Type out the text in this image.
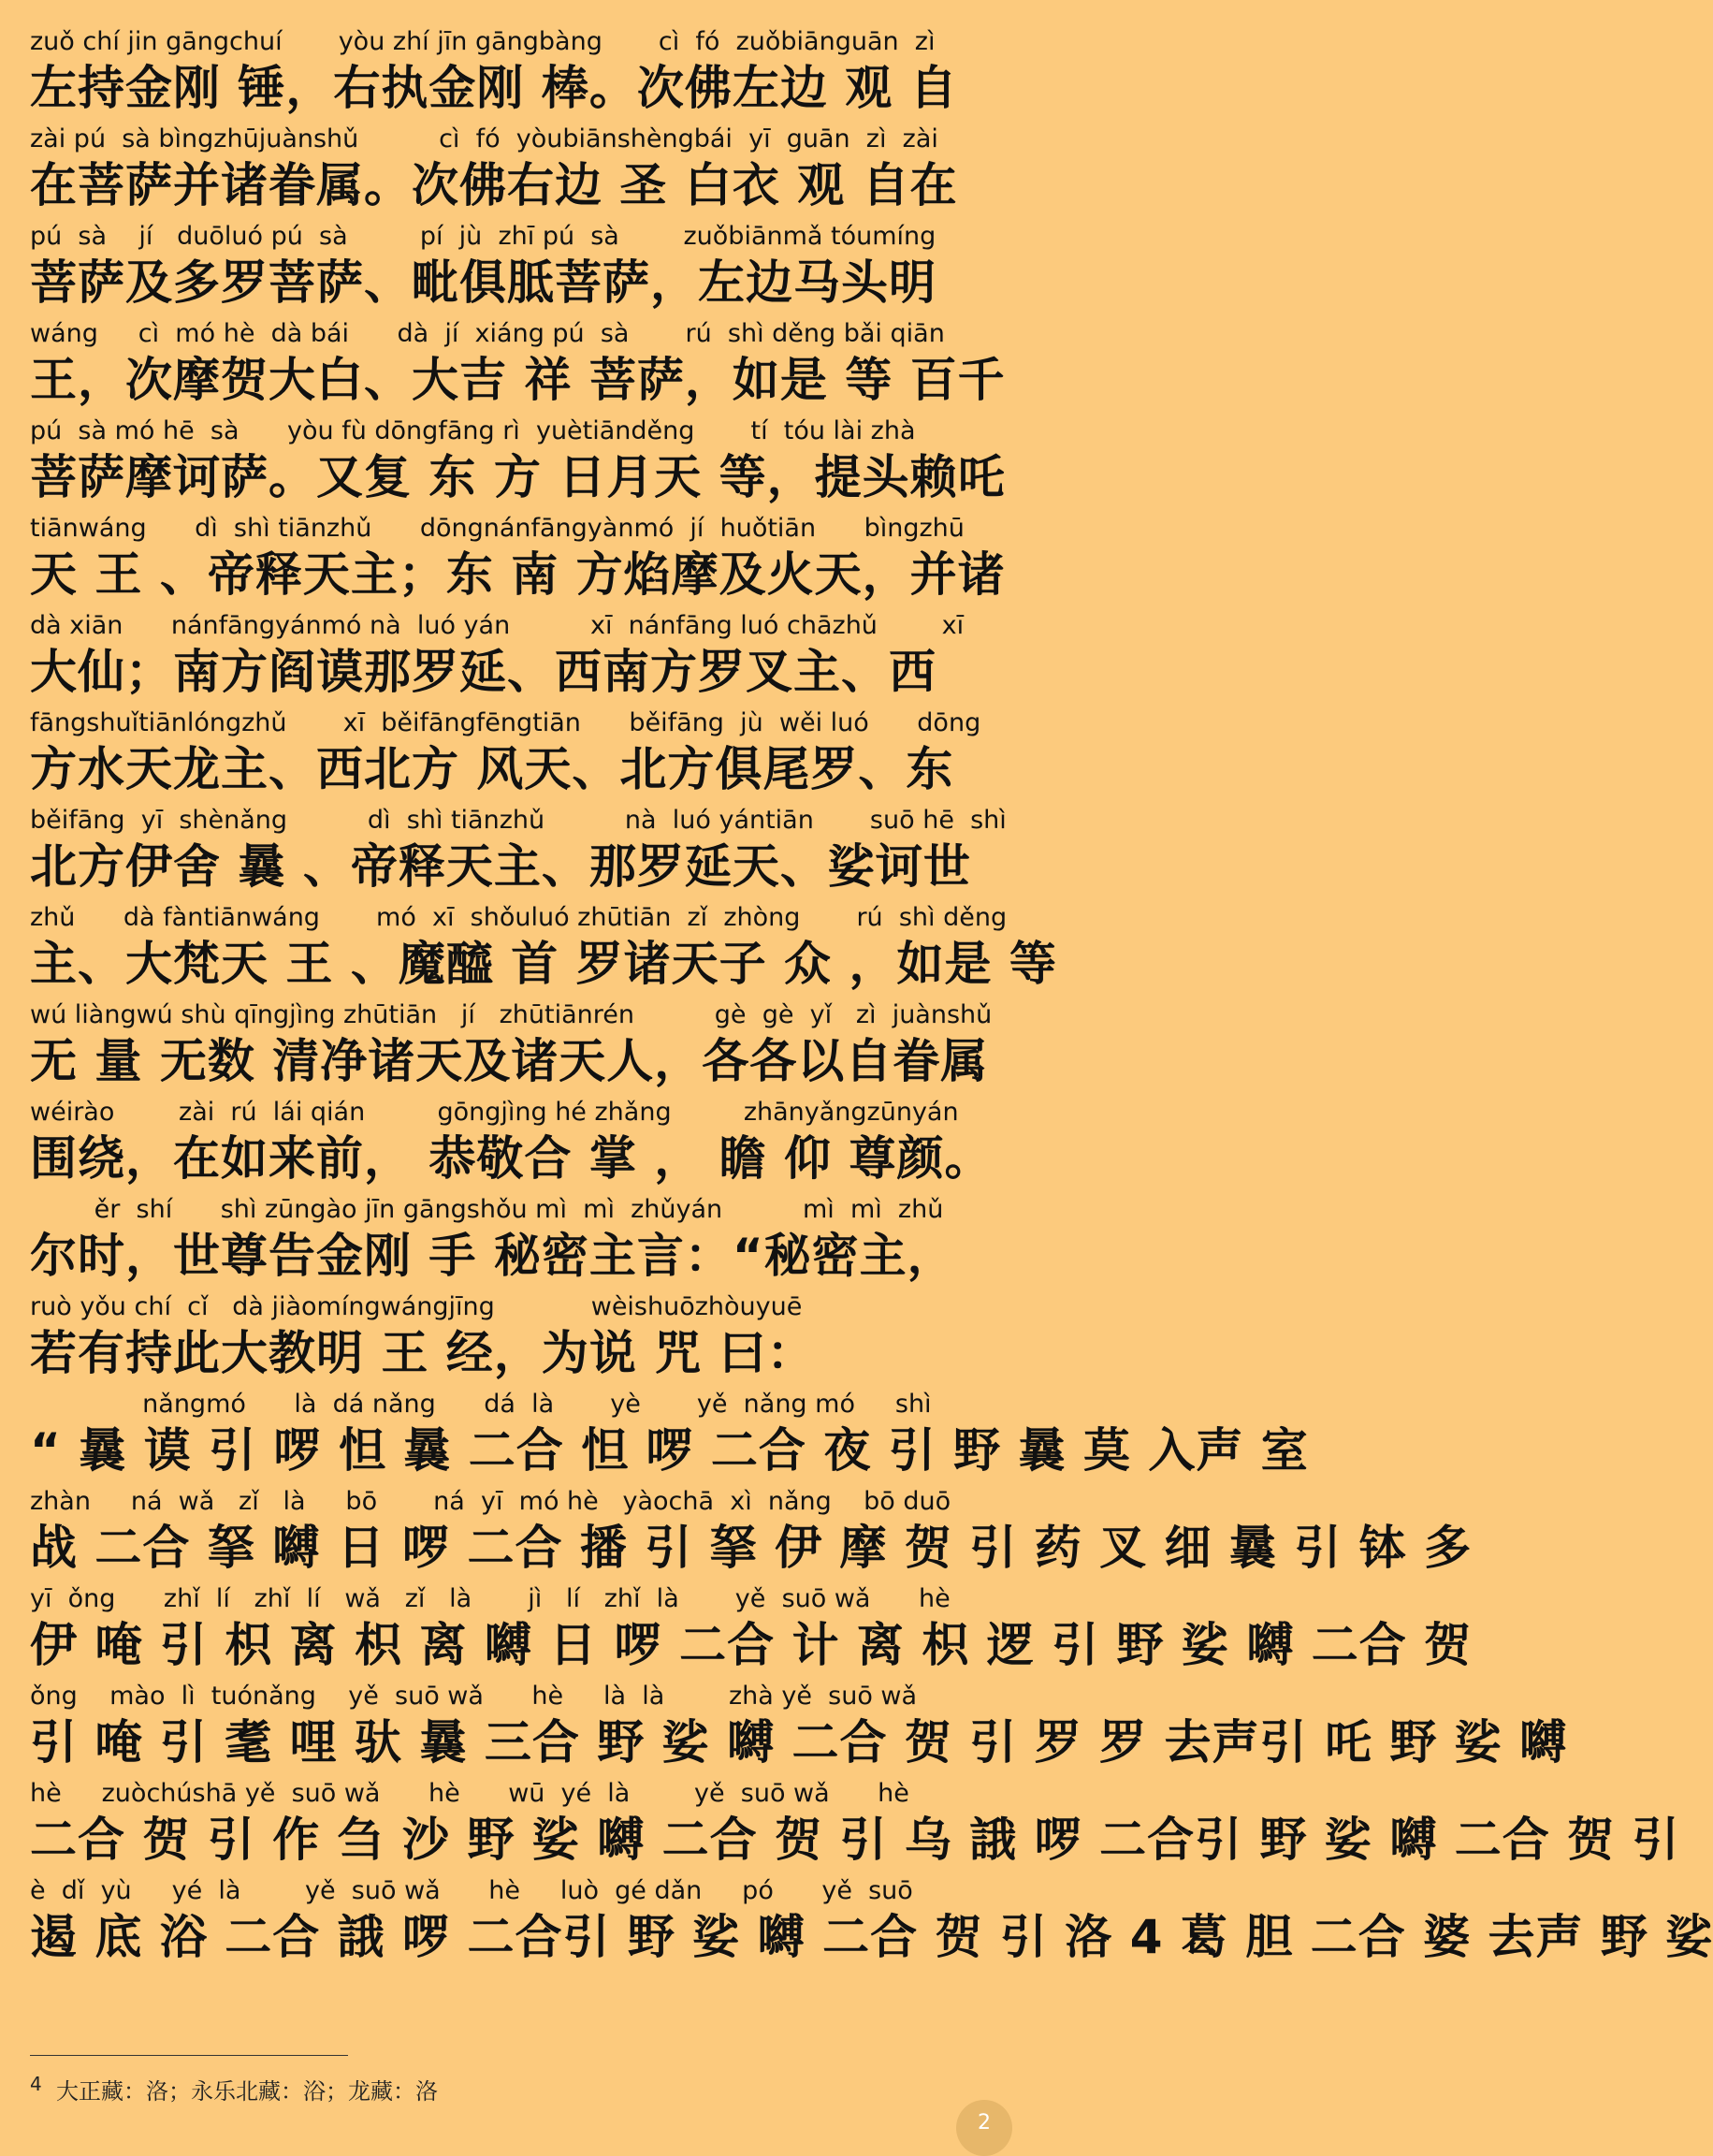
zuǒ chí jin gāngchuí       yòu zhí jīn gāngbàng       cì  fó  zuǒbiānguān  zì
左持金刚 锤，右执金刚 棒。次佛左边 观 自
zài pú  sà bìngzhūjuànshǔ          cì  fó  yòubiānshèngbái  yī  guān  zì  zài
在菩萨并诸眷属。次佛右边 圣 白衣 观 自在
pú  sà    jí   duōluó pú  sà         pí  jù  zhī pú  sà        zuǒbiānmǎ tóumíng
菩萨及多罗菩萨、毗俱胝菩萨，左边马头明
wáng     cì  mó hè  dà bái      dà  jí  xiáng pú  sà       rú  shì děng bǎi qiān
王，次摩贺大白、大吉 祥 菩萨，如是 等 百千
pú  sà mó hē  sà      yòu fù dōngfāng rì  yuètiānděng       tí  tóu lài zhà
菩萨摩诃萨。又复 东 方 日月天 等，提头赖吒
tiānwáng      dì  shì tiānzhǔ      dōngnánfāngyànmó  jí  huǒtiān      bìngzhū
天 王 、帝释天主；东 南 方焰摩及火天，并诸
dà xiān      nánfāngyánmó nà  luó yán          xī  nánfāng luó chāzhǔ        xī
大仙；南方阎谟那罗延、西南方罗叉主、西
fāngshuǐtiānlóngzhǔ       xī  běifāngfēngtiān      běifāng  jù  wěi luó      dōng
方水天龙主、西北方 风天、北方俱尾罗、东
běifāng  yī  shènǎng          dì  shì tiānzhǔ          nà  luó yántiān       suō hē  shì
北方伊舍 曩 、帝释天主、那罗延天、娑诃世
zhǔ      dà fàntiānwáng       mó  xī  shǒuluó zhūtiān  zǐ  zhòng       rú  shì děng
主、大梵天 王 、魔醯 首 罗诸天子 众 ，如是 等
wú liàngwú shù qīngjìng zhūtiān   jí   zhūtiānrén          gè  gè  yǐ   zì  juànshǔ
无 量 无数 清净诸天及诸天人，各各以自眷属
wéirào        zài  rú  lái qián         gōngjìng hé zhǎng         zhānyǎngzūnyán
围绕，在如来前， 恭敬合 掌 ， 瞻 仰 尊颜。
ěr  shí      shì zūngào jīn gāngshǒu mì  mì  zhǔyán          mì  mì  zhǔ
尔时，世尊告金刚 手 秘密主言：“秘密主，
ruò yǒu chí  cǐ   dà jiàomíngwángjīng            wèishuōzhòuyuē
若有持此大教明 王 经，为说 咒 曰：
nǎngmó      là  dá nǎng      dá  là       yè       yě  nǎng mó     shì
“ 曩 谟 引 啰 怛 曩 二合 怛 啰 二合 夜 引 野 曩 莫 入声 室
zhàn     ná  wǎ   zǐ   là     bō       ná  yī  mó hè   yàochā  xì  nǎng    bō duō
战 二合 拏 嚩 日 啰 二合 播 引 拏 伊 摩 贺 引 药 叉 细 曩 引 钵 多
yī  ǒng      zhǐ  lí   zhǐ  lí   wǎ   zǐ   là       jì   lí   zhǐ  là       yě  suō wǎ      hè
伊 唵 引 枳 离 枳 离 嚩 日 啰 二合 计 离 枳 逻 引 野 娑 嚩 二合 贺
ǒng    mào  lì  tuónǎng    yě  suō wǎ      hè     là  là        zhà yě  suō wǎ
引 唵 引 耄 哩 驮 曩 三合 野 娑 嚩 二合 贺 引 罗 罗 去声引 吒 野 娑 嚩
hè     zuòchúshā yě  suō wǎ      hè      wū  yé  là        yě  suō wǎ      hè
二合 贺 引 作 刍 沙 野 娑 嚩 二合 贺 引 乌 誐 啰 二合引 野 娑 嚩 二合 贺 引
è  dǐ  yù     yé  là        yě  suō wǎ      hè     luò  gé dǎn     pó      yě  suō
遏 底 浴 二合 誐 啰 二合引 野 娑 嚩 二合 贺 引 洛 4 葛 胆 二合 婆 去声 野 娑
$^4$ 大正藏：洛；永乐北藏：浴；龙藏：洛
2
